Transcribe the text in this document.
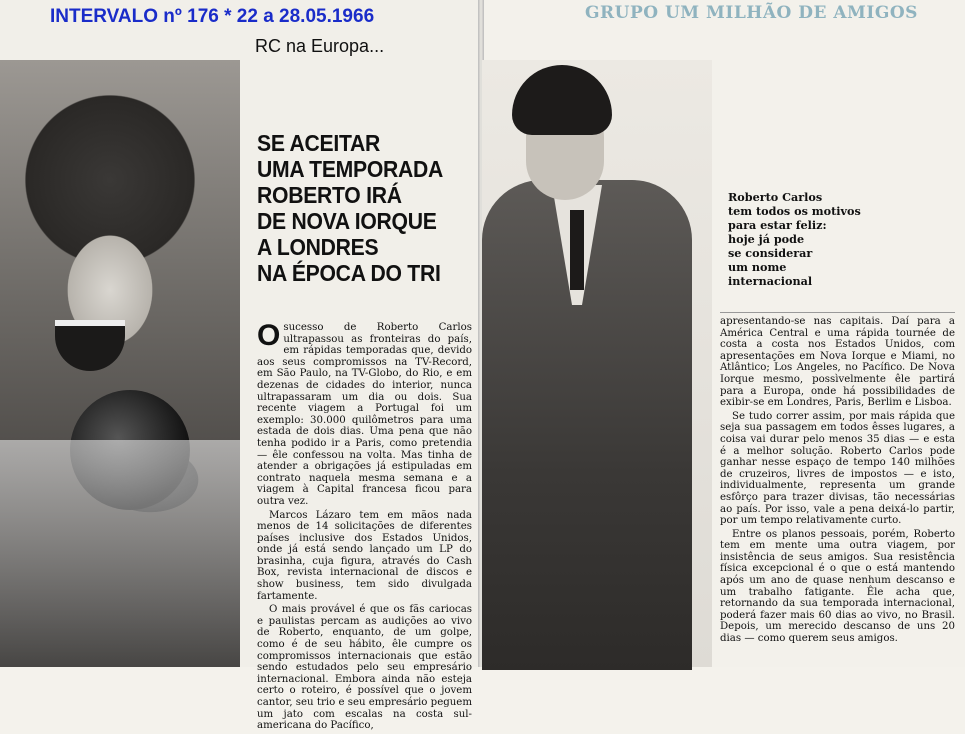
INTERVALO nº 176 * 22 a 28.05.1966	GRUPO UM MILHÃO DE AMIGOS
RC na Europa...
SE ACEITAR
UMA TEMPORADA
ROBERTO IRÁ
DE NOVA IORQUE
A LONDRES
NA ÉPOCA DO TRI

Osucesso de Roberto Carlos ultrapassou as fronteiras do país, em rápidas temporadas que, devido aos seus compromissos na TV-Record, em São Paulo, na TV-Globo, do Rio, e em dezenas de cidades do interior, nunca ultrapassaram um dia ou dois. Sua recente viagem a Portugal foi um exemplo: 30.000 quilômetros para uma estada de dois dias. Uma pena que não tenha podido ir a Paris, como pretendia — êle confessou na volta. Mas tinha de atender a obrigações já estipuladas em contrato naquela mesma semana e a viagem à Capital francesa ficou para outra vez.

Marcos Lázaro tem em mãos nada menos de 14 solicitações de diferentes países inclusive dos Estados Unidos, onde já está sendo lançado um LP do brasinha, cuja figura, através do Cash Box, revista internacional de discos e show business, tem sido divulgada fartamente.

O mais provável é que os fãs cariocas e paulistas percam as audições ao vivo de Roberto, enquanto, de um golpe, como é de seu hábito, êle cumpre os compromissos internacionais que estão sendo estudados pelo seu empresário internacional. Embora ainda não esteja certo o roteiro, é possível que o jovem cantor, seu trio e seu empresário peguem um jato com escalas na costa sul-americana do Pacífico,

Roberto Carlos
tem todos os motivos
para estar feliz:
hoje já pode
se considerar
um nome
internacional

apresentando-se nas capitais. Daí para a América Central e uma rápida tournée de costa a costa nos Estados Unidos, com apresentações em Nova Iorque e Miami, no Atlântico; Los Angeles, no Pacífico. De Nova Iorque mesmo, possìvelmente êle partirá para a Europa, onde há possibilidades de exibir-se em Londres, Paris, Berlim e Lisboa.

Se tudo correr assim, por mais rápida que seja sua passagem em todos êsses lugares, a coisa vai durar pelo menos 35 dias — e esta é a melhor solução. Roberto Carlos pode ganhar nesse espaço de tempo 140 milhões de cruzeiros, livres de impostos — e isto, individualmente, representa um grande esfôrço para trazer divisas, tão necessárias ao país. Por isso, vale a pena deixá-lo partir, por um tempo relativamente curto.

Entre os planos pessoais, porém, Roberto tem em mente uma outra viagem, por insistência de seus amigos. Sua resistência física excepcional é o que o está mantendo após um ano de quase nenhum descanso e um trabalho fatigante. Êle acha que, retornando da sua temporada internacional, poderá fazer mais 60 dias ao vivo, no Brasil. Depois, um merecido descanso de uns 20 dias — como querem seus amigos.
